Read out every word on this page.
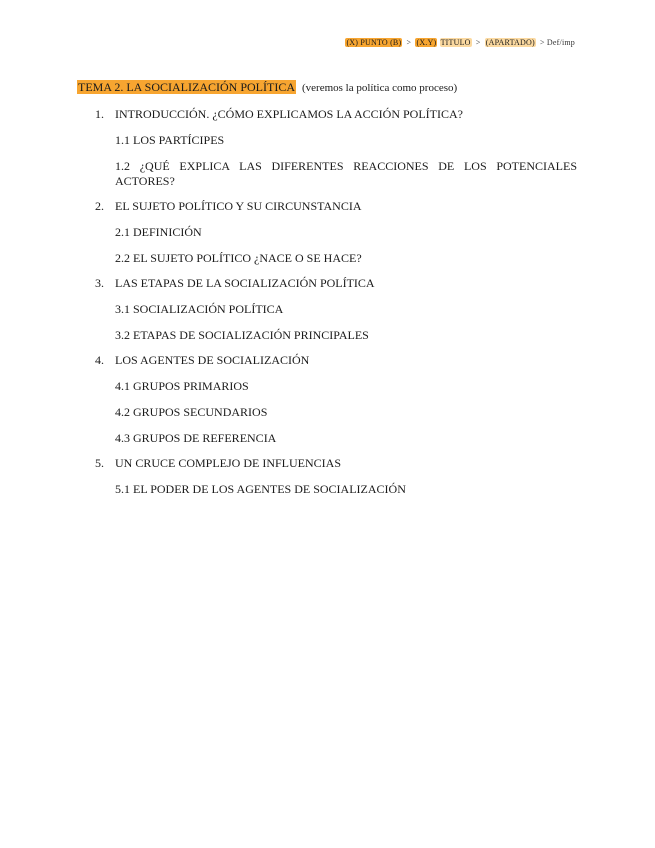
(X) PUNTO (B) > (X.Y) TITULO > (APARTADO) > Def/imp
TEMA 2. LA SOCIALIZACIÓN POLÍTICA (veremos la política como proceso)
1. INTRODUCCIÓN. ¿CÓMO EXPLICAMOS LA ACCIÓN POLÍTICA?
1.1 LOS PARTÍCIPES
1.2 ¿QUÉ EXPLICA LAS DIFERENTES REACCIONES DE LOS POTENCIALES ACTORES?
2. EL SUJETO POLÍTICO Y SU CIRCUNSTANCIA
2.1 DEFINICIÓN
2.2 EL SUJETO POLÍTICO ¿NACE O SE HACE?
3. LAS ETAPAS DE LA SOCIALIZACIÓN POLÍTICA
3.1 SOCIALIZACIÓN POLÍTICA
3.2 ETAPAS DE SOCIALIZACIÓN PRINCIPALES
4. LOS AGENTES DE SOCIALIZACIÓN
4.1 GRUPOS PRIMARIOS
4.2 GRUPOS SECUNDARIOS
4.3 GRUPOS DE REFERENCIA
5. UN CRUCE COMPLEJO DE INFLUENCIAS
5.1 EL PODER DE LOS AGENTES DE SOCIALIZACIÓN
